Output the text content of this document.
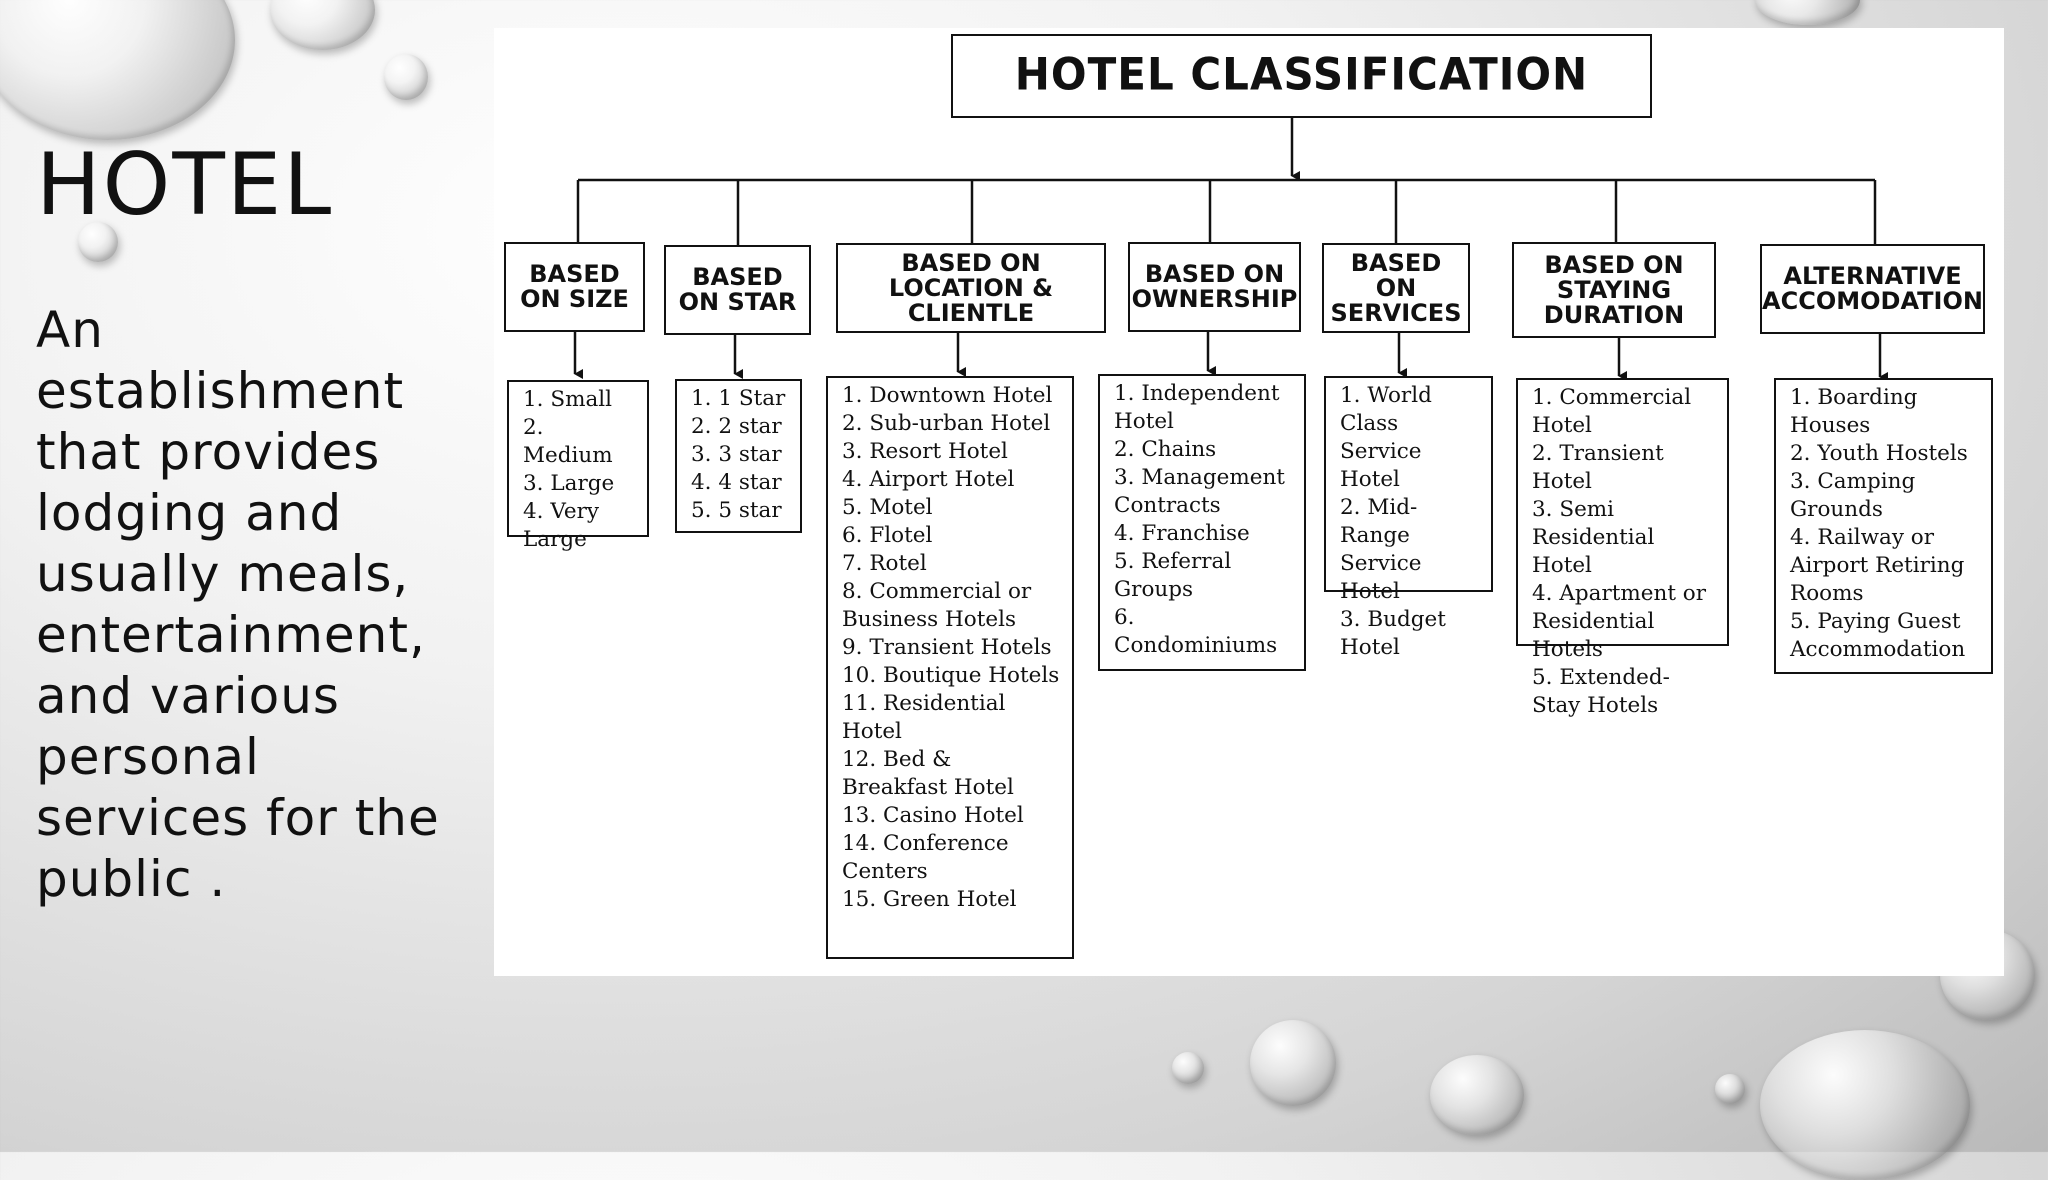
HOTEL
An establishment that provides lodging and usually meals, entertainment, and various personal services for the public .
HOTEL CLASSIFICATION
BASED
ON SIZE
BASED
ON STAR
BASED ON
LOCATION &
CLIENTLE
BASED ON
OWNERSHIP
BASED
ON
SERVICES
BASED ON
STAYING
DURATION
ALTERNATIVE
ACCOMODATION
1. Small
2. Medium
3. Large
4. Very Large
1. 1 Star
2. 2 star
3. 3 star
4. 4 star
5. 5 star
1. Downtown Hotel
2. Sub-urban Hotel
3. Resort Hotel
4. Airport Hotel
5. Motel
6. Flotel
7. Rotel
8. Commercial or Business Hotels
9. Transient Hotels
10. Boutique Hotels
11. Residential Hotel
12. Bed & Breakfast Hotel
13. Casino Hotel
14. Conference Centers
15. Green Hotel
1. Independent Hotel
2. Chains
3. Management Contracts
4. Franchise
5. Referral Groups
6. Condominiums
1. World Class Service Hotel
2. Mid-Range Service Hotel
3. Budget Hotel
1. Commercial Hotel
2. Transient Hotel
3. Semi Residential Hotel
4. Apartment or Residential Hotels
5. Extended-Stay Hotels
1. Boarding Houses
2. Youth Hostels
3. Camping Grounds
4. Railway or Airport Retiring Rooms
5. Paying Guest Accommodation
